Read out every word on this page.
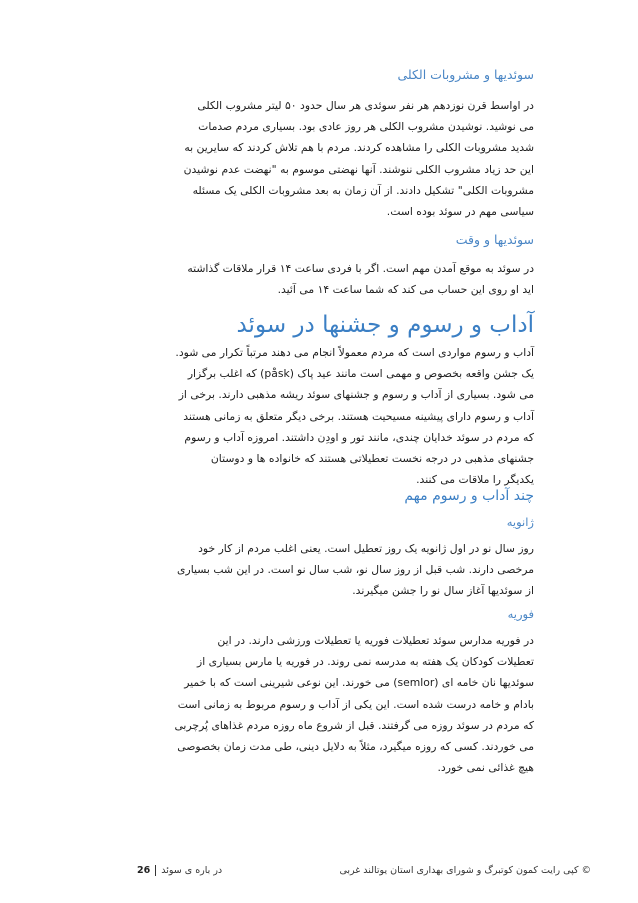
سوئدیها و مشروبات الکلی
در اواسط قرن نوزدهم هر نفر سوئدی هر سال حدود ۵۰ لیتر مشروب الکلی
می نوشید. نوشیدن مشروب الکلی هر روز عادی بود. بسیاری مردم صدمات
شدید مشروبات الکلی را مشاهده کردند. مردم با هم تلاش کردند که سایرین به
این حد زیاد مشروب الکلی ننوشند. آنها نهضتی موسوم به "نهضت عدم نوشیدن
مشروبات الکلی" تشکیل دادند. از آن زمان به بعد مشروبات الکلی یک مسئله
سیاسی مهم در سوئد بوده است.
سوئدیها و وقت
در سوئد به موقع آمدن مهم است. اگر با فردی ساعت ۱۴ قرار ملاقات گذاشته
اید او روی این حساب می کند که شما ساعت ۱۴ می آئید.
آداب و رسوم و جشنها در سوئد
آداب و رسوم مواردی است که مردم معمولاً انجام می دهند مرتباً تکرار می شود.
یک جشن واقعه بخصوص و مهمی است مانند عید پاک (påsk) که اغلب برگزار
می شود. بسیاری از آداب و رسوم و جشنهای سوئد ریشه مذهبی دارند. برخی از
آداب و رسوم دارای پیشینه مسیحیت هستند. برخی دیگر متعلق به زمانی هستند
که مردم در سوئد خدایان چندی، مانند تور و اودِن داشتند. امروزه آداب و رسوم
جشنهای مذهبی در درجه نخست تعطیلاتی هستند که خانواده ها و دوستان
یکدیگر را ملاقات می کنند.
چند آداب و رسوم مهم
ژانویه
روز سال نو در اول ژانویه یک روز تعطیل است. یعنی اغلب مردم از کار خود
مرخصی دارند. شب قبل از روز سال نو، شب سال نو است. در این شب بسیاری
از سوئدیها آغاز سال نو را جشن میگیرند.
فوریه
در فوریه مدارس سوئد تعطیلات فوریه یا تعطیلات ورزشی دارند. در این
تعطیلات کودکان یک هفته به مدرسه نمی روند. در فوریه یا مارس بسیاری از
سوئدیها نان خامه ای (semlor) می خورند. این نوعی شیرینی است که با خمیر
بادام و خامه درست شده است. این یکی از آداب و رسوم مربوط به زمانی است
که مردم در سوئد روزه می گرفتند. قبل از شروع ماه روزه مردم غذاهای پُرچربی
می خوردند. کسی که روزه میگیرد، مثلاً به دلایل دینی، طی مدت زمان بخصوصی
هیچ غذائی نمی خورد.
© کپی رایت کمون کوتبرگ و شورای بهداری استان یوتالند غربی
در باره ی سوئد26
